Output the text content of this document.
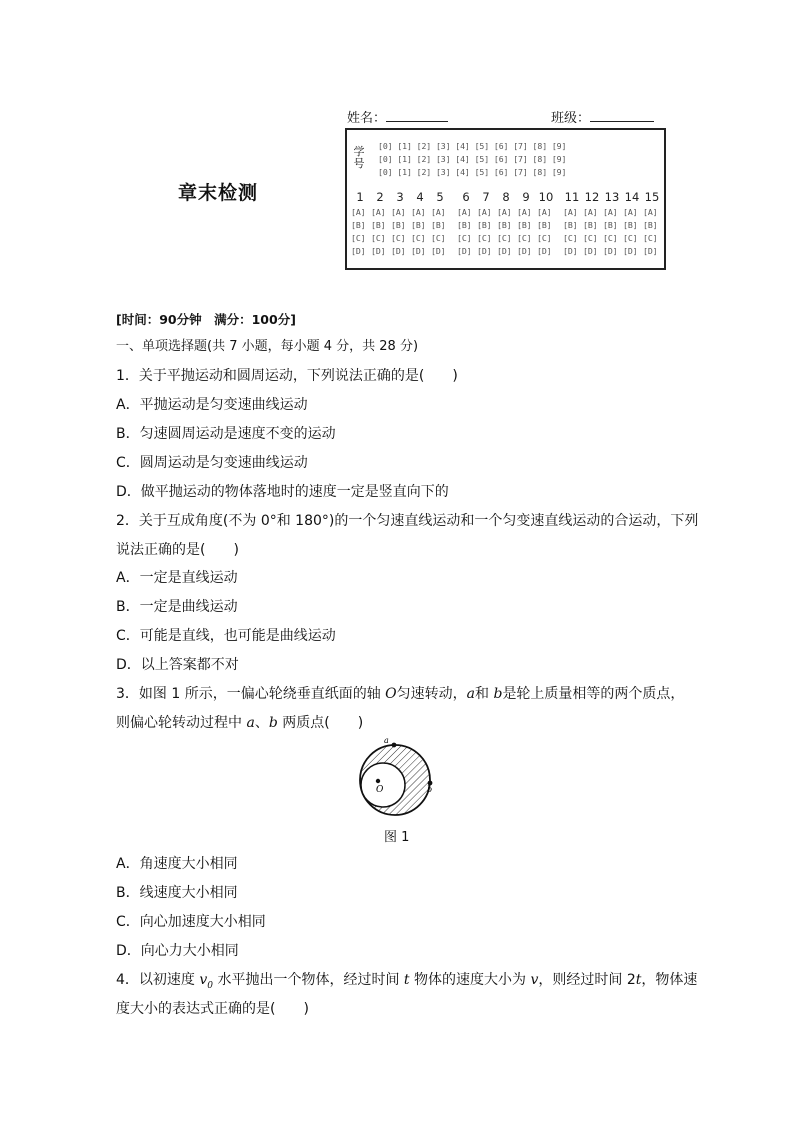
章末检测
姓名：	班级：
学号
[0] [1] [2] [3] [4] [5] [6] [7] [8] [9]
[0] [1] [2] [3] [4] [5] [6] [7] [8] [9]
[0] [1] [2] [3] [4] [5] [6] [7] [8] [9]
1	2	3	4	5	6	7	8	9 10 11 12 13 14 15
[A] [A] [A] [A] [A] [A] [A] [A] [A] [A] [A] [A] [A] [A] [A]
[B] [B] [B] [B] [B] [B] [B] [B] [B] [B] [B] [B] [B] [B] [B]
[C] [C] [C] [C] [C] [C] [C] [C] [C] [C] [C] [C] [C] [C] [C]
[D] [D] [D] [D] [D] [D] [D] [D] [D] [D] [D] [D] [D] [D] [D]
[时间：90分钟　满分：100分]
一、单项选择题(共 7 小题，每小题 4 分，共 28 分)
1．关于平抛运动和圆周运动，下列说法正确的是(　　)
A．平抛运动是匀变速曲线运动
B．匀速圆周运动是速度不变的运动
C．圆周运动是匀变速曲线运动
D．做平抛运动的物体落地时的速度一定是竖直向下的
2．关于互成角度(不为 0°和 180°)的一个匀速直线运动和一个匀变速直线运动的合运动，下列
说法正确的是(　　)
A．一定是直线运动
B．一定是曲线运动
C．可能是直线，也可能是曲线运动
D．以上答案都不对
3．如图 1 所示，一偏心轮绕垂直纸面的轴 O匀速转动，a和 b是轮上质量相等的两个质点，
则偏心轮转动过程中 a、b 两质点(　　)
a
b
O
图 1
A．角速度大小相同
B．线速度大小相同
C．向心加速度大小相同
D．向心力大小相同
4．以初速度 $v_0$ 水平抛出一个物体，经过时间 t 物体的速度大小为 v，则经过时间 2t，物体速
度大小的表达式正确的是(　　)
